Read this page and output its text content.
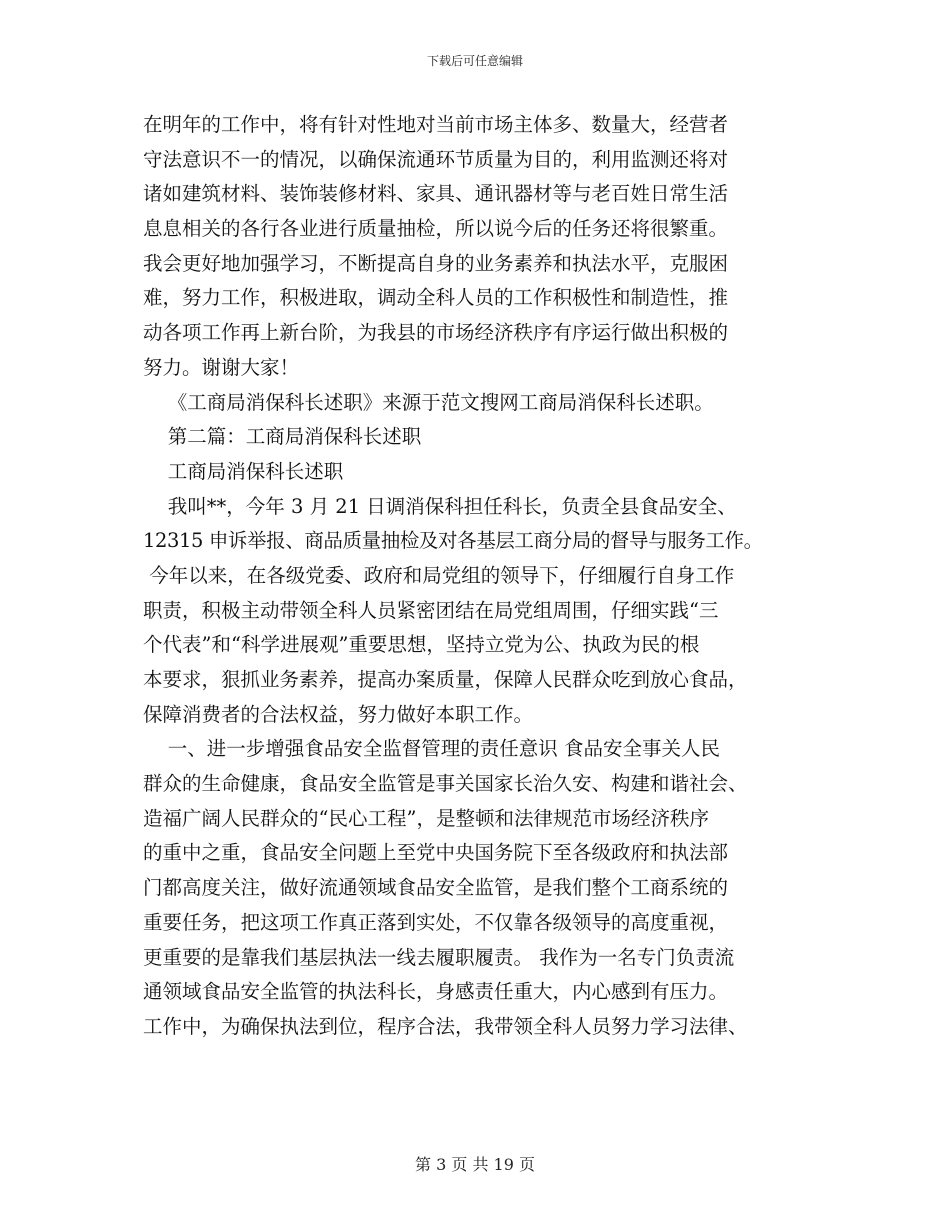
下载后可任意编辑
在明年的工作中，将有针对性地对当前市场主体多、数量大，经营者
守法意识不一的情况，以确保流通环节质量为目的，利用监测还将对
诸如建筑材料、装饰装修材料、家具、通讯器材等与老百姓日常生活
息息相关的各行各业进行质量抽检，所以说今后的任务还将很繁重。
我会更好地加强学习，不断提高自身的业务素养和执法水平，克服困
难，努力工作，积极进取，调动全科人员的工作积极性和制造性，推
动各项工作再上新台阶，为我县的市场经济秩序有序运行做出积极的
努力。谢谢大家！
《工商局消保科长述职》来源于范文搜网工商局消保科长述职。
第二篇：工商局消保科长述职
工商局消保科长述职
我叫**，今年 3 月 21 日调消保科担任科长，负责全县食品安全、
12315 申诉举报、商品质量抽检及对各基层工商分局的督导与服务工作。
今年以来，在各级党委、政府和局党组的领导下，仔细履行自身工作
职责，积极主动带领全科人员紧密团结在局党组周围，仔细实践“三
个代表”和“科学进展观”重要思想，坚持立党为公、执政为民的根
本要求，狠抓业务素养，提高办案质量，保障人民群众吃到放心食品，
保障消费者的合法权益，努力做好本职工作。
一、进一步增强食品安全监督管理的责任意识 食品安全事关人民
群众的生命健康，食品安全监管是事关国家长治久安、构建和谐社会、
造福广阔人民群众的“民心工程”，是整顿和法律规范市场经济秩序
的重中之重，食品安全问题上至党中央国务院下至各级政府和执法部
门都高度关注，做好流通领域食品安全监管，是我们整个工商系统的
重要任务，把这项工作真正落到实处，不仅靠各级领导的高度重视，
更重要的是靠我们基层执法一线去履职履责。 我作为一名专门负责流
通领域食品安全监管的执法科长，身感责任重大，内心感到有压力。
工作中，为确保执法到位，程序合法，我带领全科人员努力学习法律、
第 3 页 共 19 页
